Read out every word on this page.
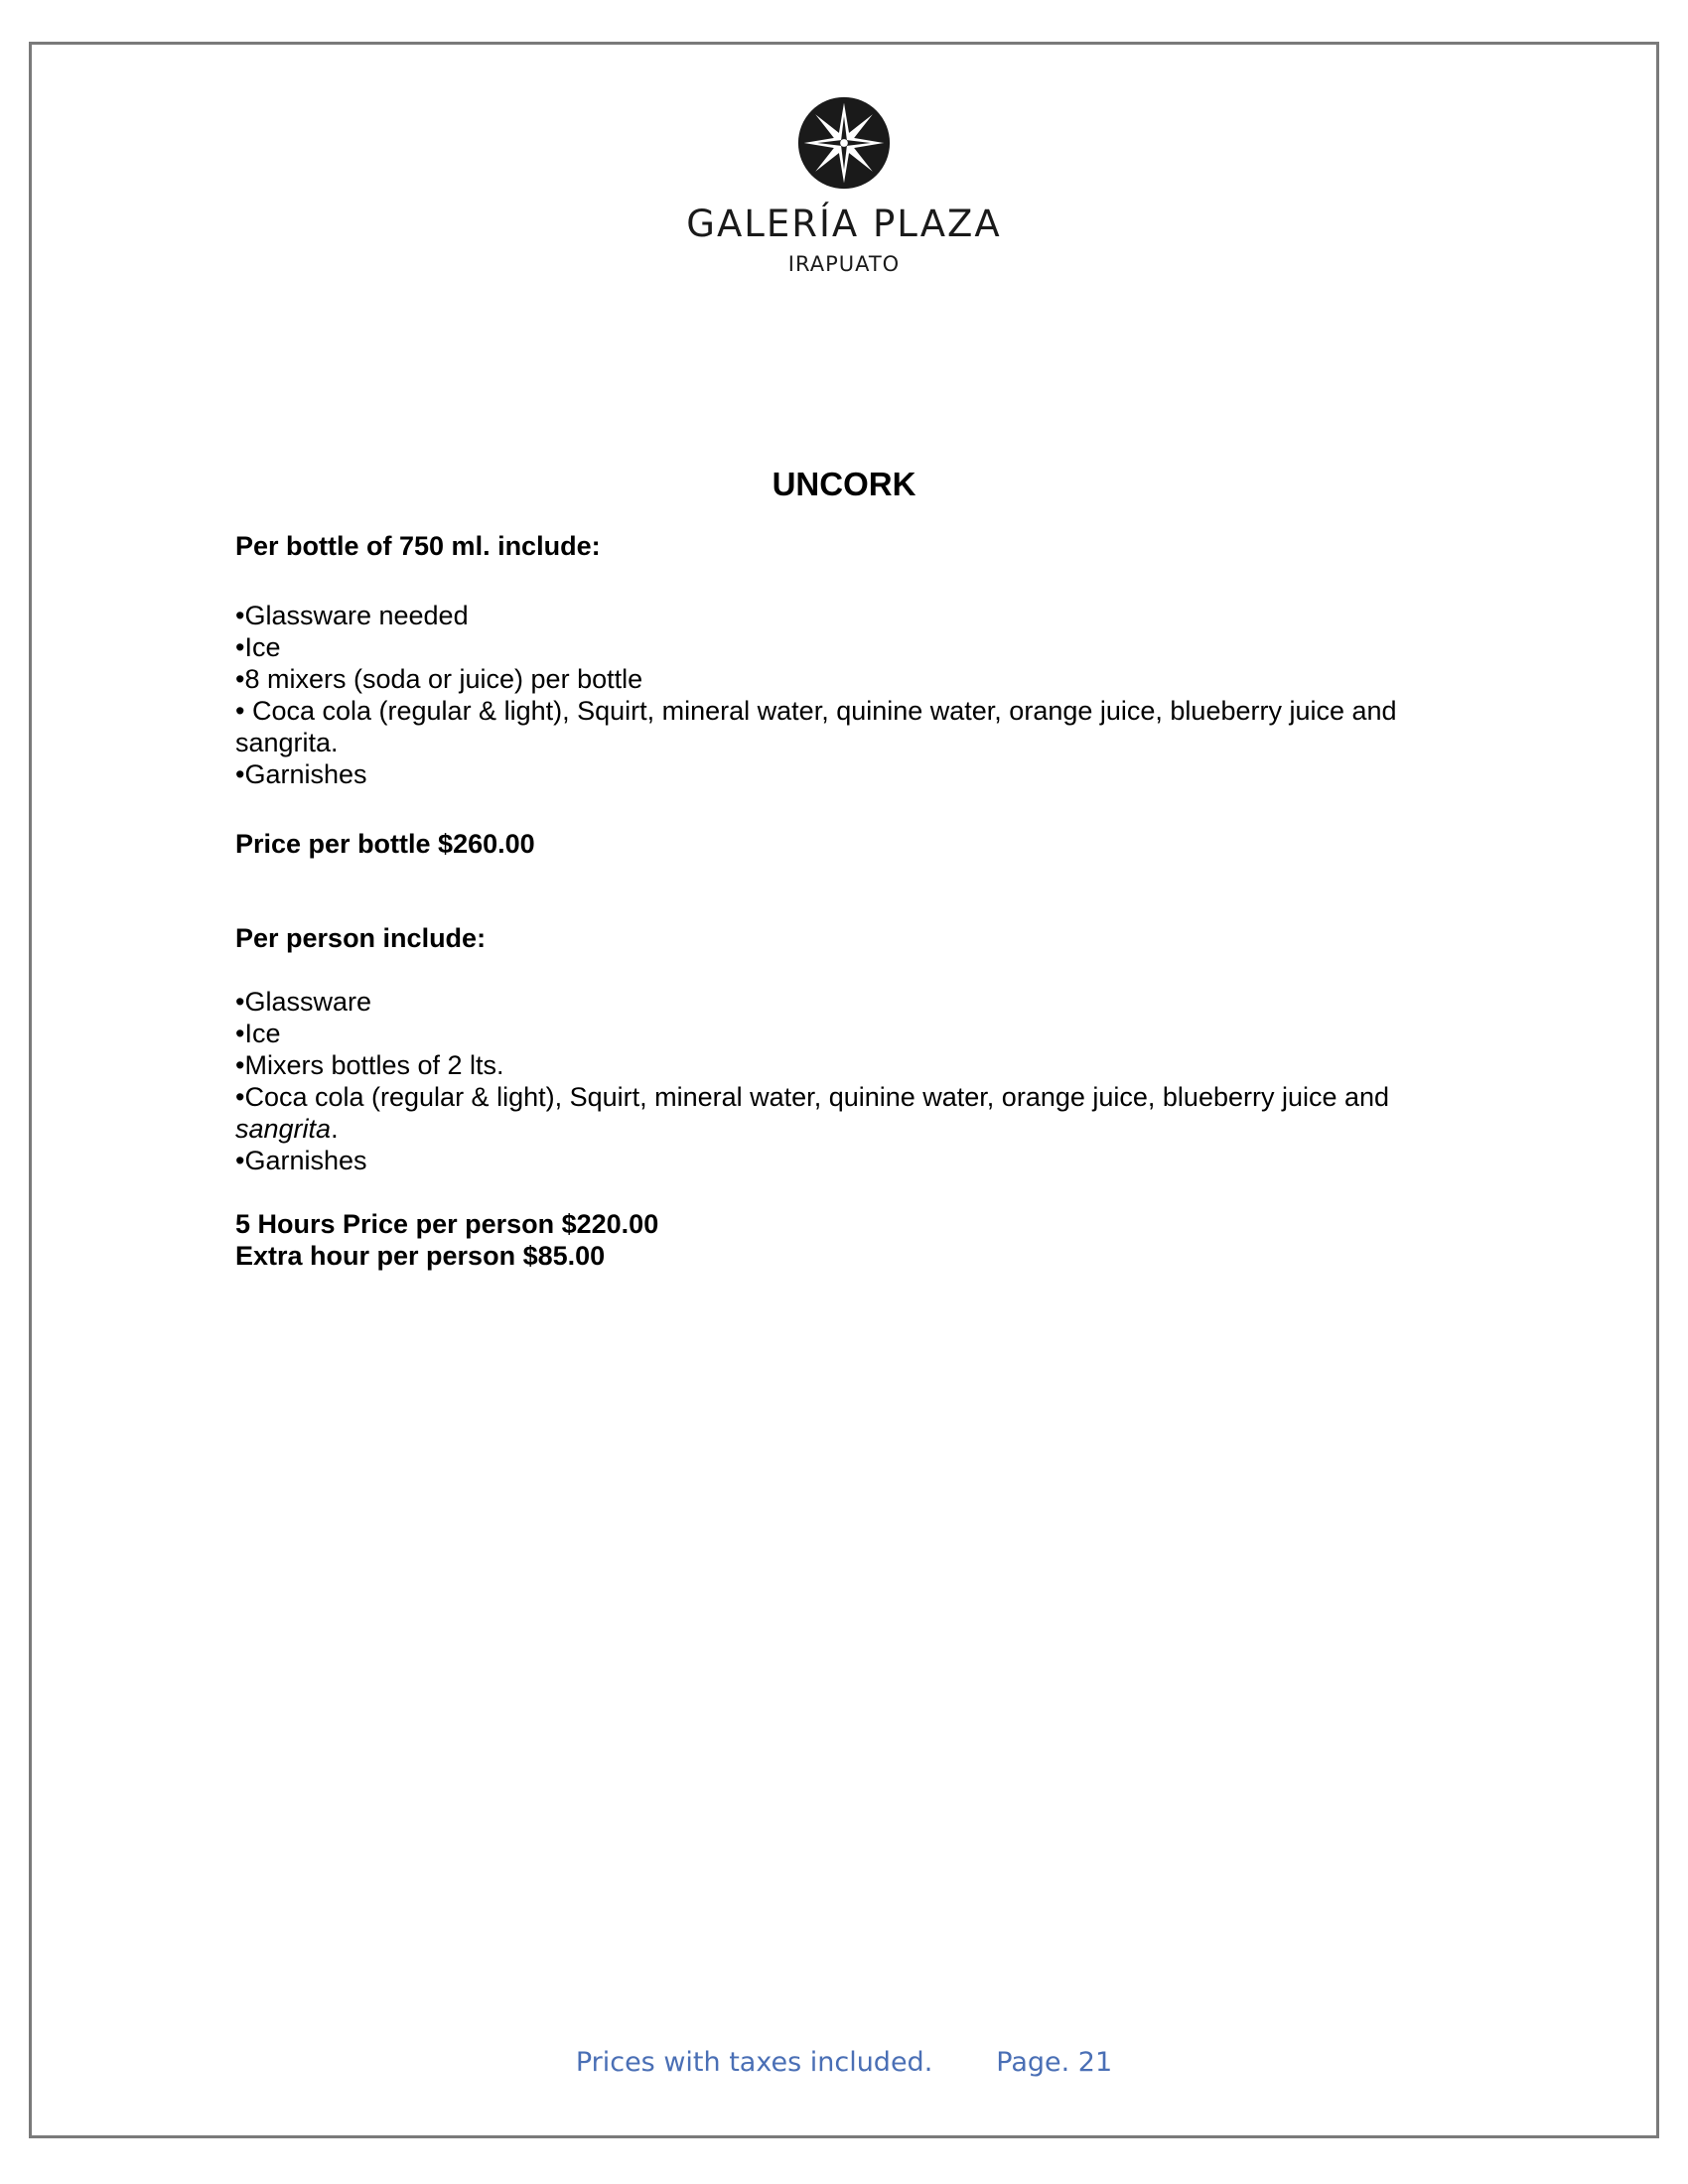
GALERÍA PLAZA
IRAPUATO
UNCORK

Per bottle of 750 ml. include:

•Glassware needed
•Ice
•8 mixers (soda or juice) per bottle
• Coca cola (regular & light), Squirt, mineral water, quinine water, orange juice, blueberry juice and sangrita.
•Garnishes

Price per bottle $260.00

Per person include:

•Glassware
•Ice
•Mixers bottles of 2 lts.
•Coca cola (regular & light), Squirt, mineral water, quinine water, orange juice, blueberry juice and
sangrita.
•Garnishes

5 Hours Price per person $220.00

Extra hour per person $85.00

Prices with taxes included. Page. 21
